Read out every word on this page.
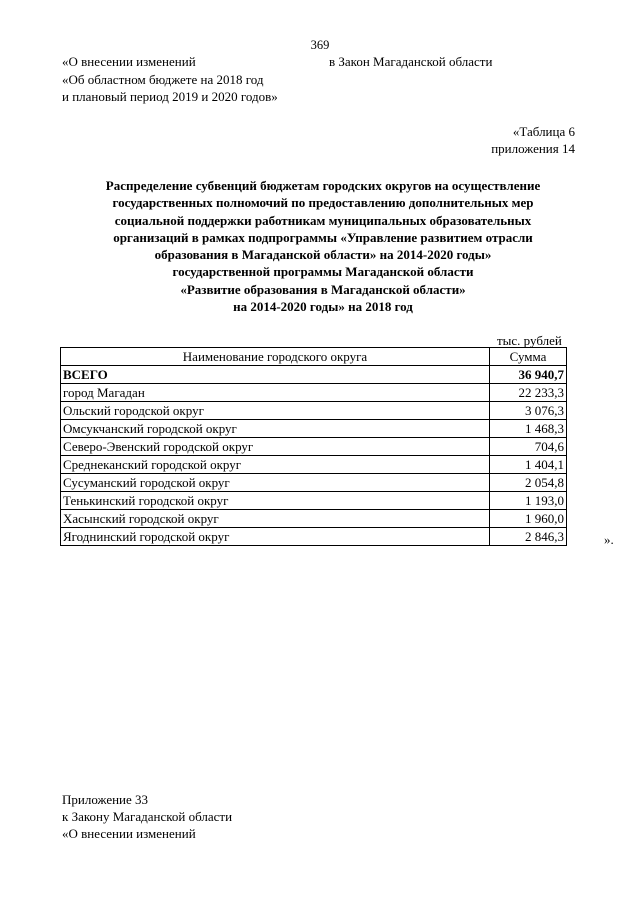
369
«О внесении изменений	в Закон Магаданской области
«Об областном бюджете на 2018 год
и плановый период 2019 и 2020 годов»
«Таблица 6
приложения 14
Распределение субвенций бюджетам городских округов на осуществление
государственных полномочий по предоставлению дополнительных мер
социальной поддержки работникам муниципальных образовательных
организаций в рамках подпрограммы «Управление развитием отрасли
образования в Магаданской области» на 2014-2020 годы»
государственной программы Магаданской области
«Развитие образования в Магаданской области»
на 2014-2020 годы» на 2018 год
тыс. рублей
Наименование городского округа	Сумма
ВСЕГО	36 940,7
город Магадан	22 233,3
Ольский городской округ	3 076,3
Омсукчанский городской округ	1 468,3
Северо-Эвенский городской округ	704,6
Среднеканский городской округ	1 404,1
Сусуманский городской округ	2 054,8
Тенькинский городской округ	1 193,0
Хасынский городской округ	1 960,0
Ягоднинский городской округ	2 846,3	».
Приложение 33
к Закону Магаданской области
«О внесении изменений
